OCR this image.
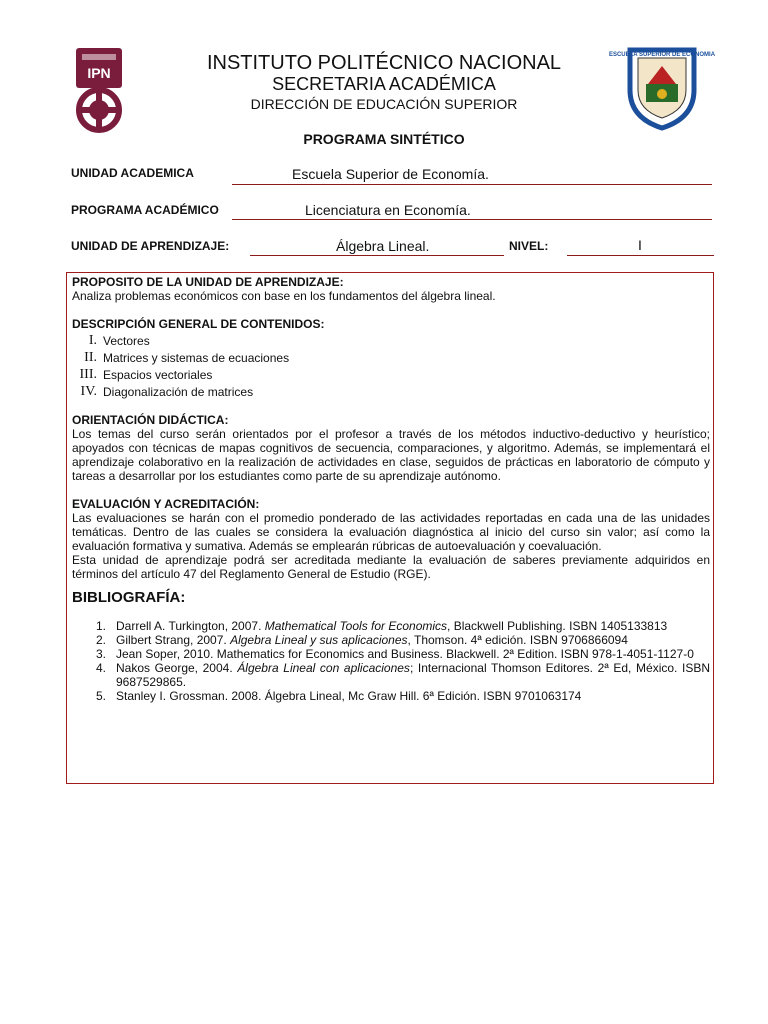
IPN
ESCUELA SUPERIOR DE ECONOMIA
INSTITUTO POLITÉCNICO NACIONAL
SECRETARIA ACADÉMICA
DIRECCIÓN DE EDUCACIÓN SUPERIOR
PROGRAMA SINTÉTICO
UNIDAD ACADEMICA	Escuela Superior de Economía.
PROGRAMA ACADÉMICO	Licenciatura en Economía.
UNIDAD DE APRENDIZAJE:	Álgebra Lineal.	NIVEL:	I
PROPOSITO DE LA UNIDAD DE APRENDIZAJE:
Analiza problemas económicos con base en los fundamentos del álgebra lineal.
DESCRIPCIÓN GENERAL DE CONTENIDOS:
I. Vectores
II. Matrices y sistemas de ecuaciones
III. Espacios vectoriales
IV. Diagonalización de matrices
ORIENTACIÓN DIDÁCTICA:
Los temas del curso serán orientados por el profesor a través de los métodos inductivo-deductivo y heurístico; apoyados con técnicas de mapas cognitivos de secuencia, comparaciones, y algoritmo. Además, se implementará el aprendizaje colaborativo en la realización de actividades en clase, seguidos de prácticas en laboratorio de cómputo y tareas a desarrollar por los estudiantes como parte de su aprendizaje autónomo.
EVALUACIÓN Y ACREDITACIÓN:
Las evaluaciones se harán con el promedio ponderado de las actividades reportadas en cada una de las unidades temáticas. Dentro de las cuales se considera la evaluación diagnóstica al inicio del curso sin valor; así como la evaluación formativa y sumativa. Además se emplearán rúbricas de autoevaluación y coevaluación.
Esta unidad de aprendizaje podrá ser acreditada mediante la evaluación de saberes previamente adquiridos en términos del artículo 47 del Reglamento General de Estudio (RGE).
BIBLIOGRAFÍA:
1. Darrell A. Turkington, 2007. Mathematical Tools for Economics, Blackwell Publishing. ISBN 1405133813
2. Gilbert Strang, 2007. Algebra Lineal y sus aplicaciones, Thomson. 4ª edición. ISBN 9706866094
3. Jean Soper, 2010. Mathematics for Economics and Business. Blackwell. 2ª Edition. ISBN 978-1-4051-1127-0
4. Nakos George, 2004. Álgebra Lineal con aplicaciones; Internacional Thomson Editores. 2ª Ed, México. ISBN 9687529865.
5. Stanley I. Grossman. 2008. Álgebra Lineal, Mc Graw Hill. 6ª Edición. ISBN 9701063174
